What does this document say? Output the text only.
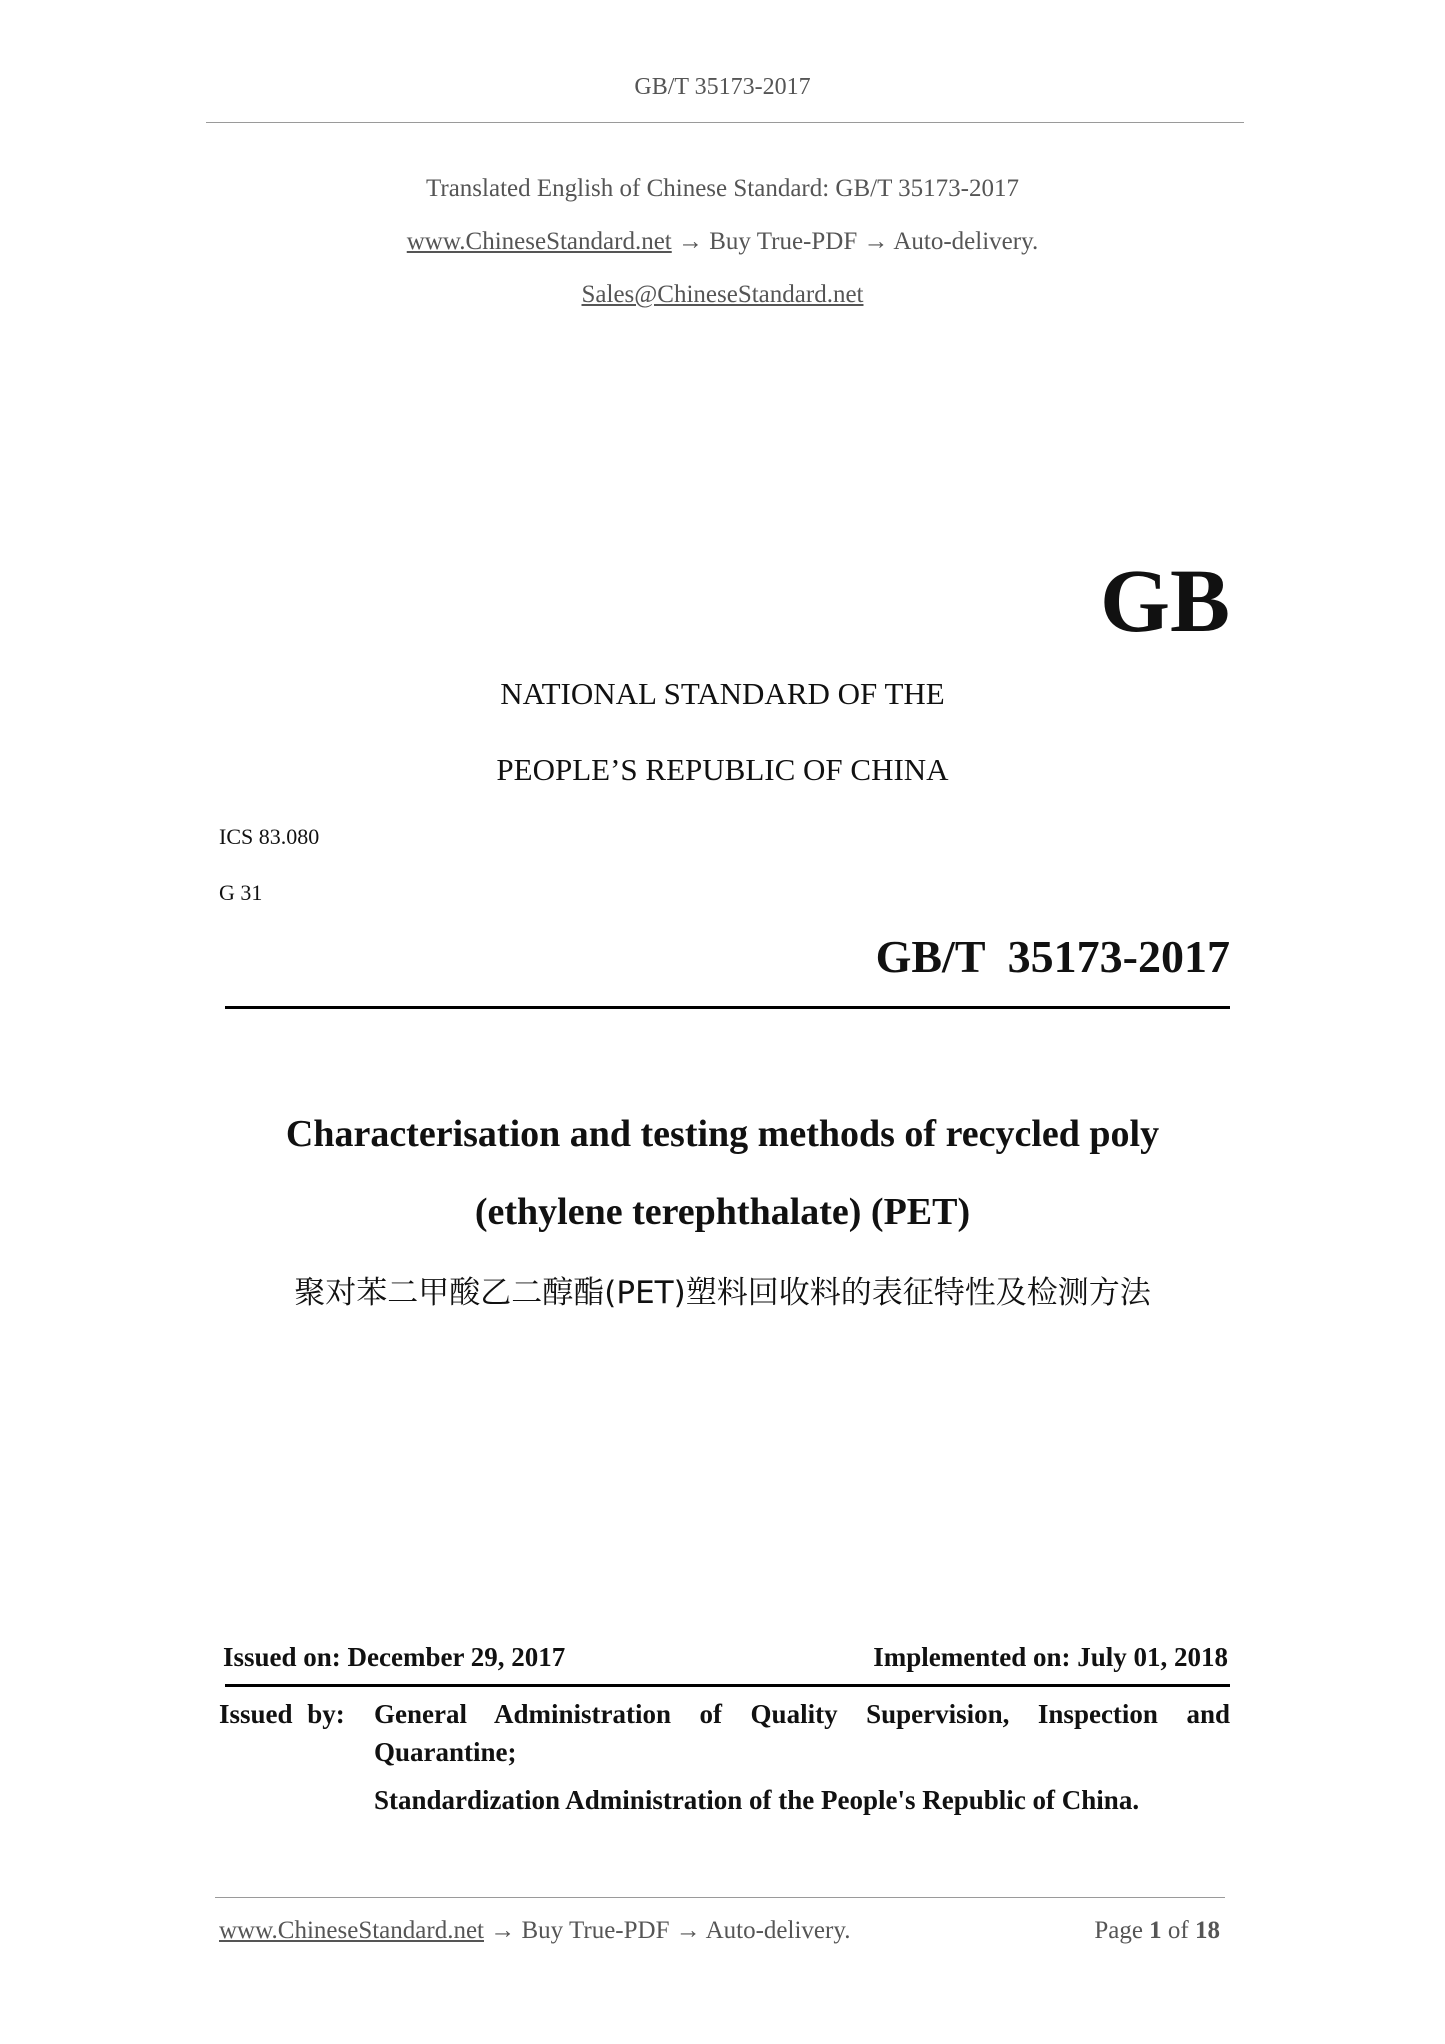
GB/T 35173-2017
Translated English of Chinese Standard: GB/T 35173-2017
www.ChineseStandard.net → Buy True-PDF → Auto-delivery.
Sales@ChineseStandard.net
GB
NATIONAL STANDARD OF THE
PEOPLE’S REPUBLIC OF CHINA
ICS 83.080
G 31
GB/T  35173-2017
Characterisation and testing methods of recycled poly
(ethylene terephthalate) (PET)
聚对苯二甲酸乙二醇酯(PET)塑料回收料的表征特性及检测方法
Issued on: December 29, 2017	Implemented on: July 01, 2018
Issued by: General Administration of Quality Supervision, Inspection and
Quarantine;
Standardization Administration of the People's Republic of China.
www.ChineseStandard.net → Buy True-PDF → Auto-delivery.	Page 1 of 18
